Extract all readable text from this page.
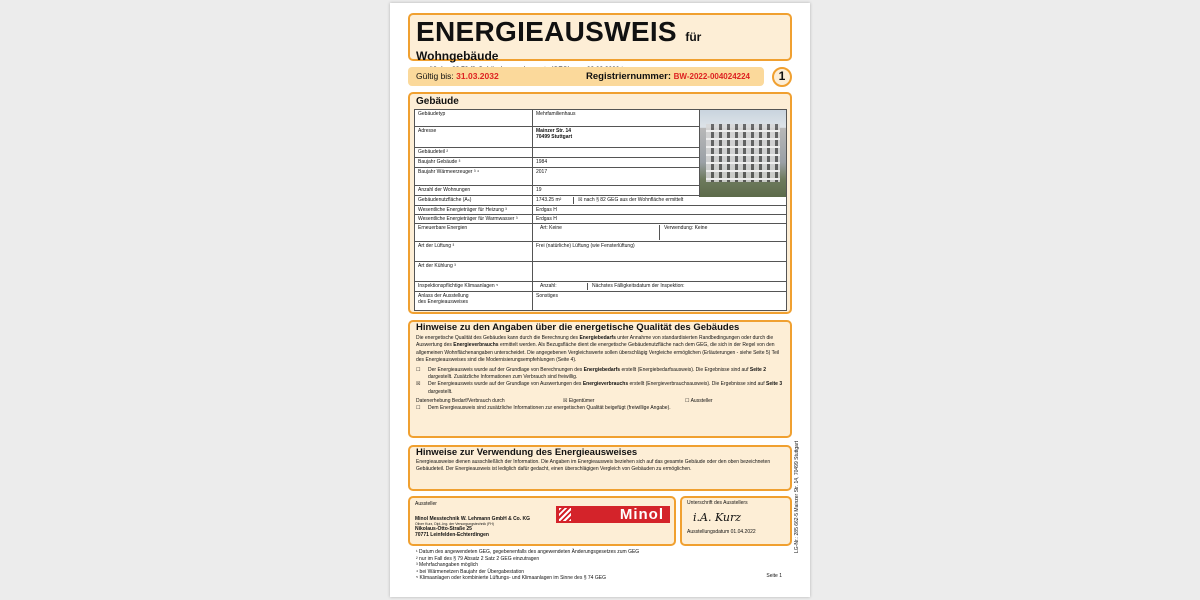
ENERGIEAUSWEIS für Wohngebäude
Gültig bis: 31.03.2032	Registriernummer: BW-2022-004024224	1
Gebäude
Gebäudetyp	Mehrfamilienhaus
Adresse	Mainzer Str. 14
70499 Stuttgart
Gebäudeteil ²
Baujahr Gebäude ³	1984
Baujahr Wärmeerzeuger ³ ⁴	2017
Anzahl der Wohnungen	19
Gebäudenutzfläche (Aₙ)	1743.25 m²	☒ nach § 82 GEG aus der Wohnfläche ermittelt
Wesentliche Energieträger für Heizung ³	Erdgas H
Wesentliche Energieträger für Warmwasser ³	Erdgas H
Erneuerbare Energien	Art: Keine	Verwendung: Keine
Art der Lüftung ³	Frei (natürliche) Lüftung (wie Fensterlüftung)
Art der Kühlung ³
Inspektionspflichtige Klimaanlagen ⁵	Anzahl:	Nächstes Fälligkeitsdatum der Inspektion:
Anlass der Ausstellung
des Energieausweises
Sonstiges
Hinweise zu den Angaben über die energetische Qualität des Gebäudes

Die energetische Qualität des Gebäudes kann durch die Berechnung des Energiebedarfs unter Annahme von standardisierten Randbedingungen oder durch die Auswertung des Energieverbrauchs ermittelt werden. Als Bezugsfläche dient die energetische Gebäudenutzfläche nach dem GEG, die sich in der Regel von den allgemeinen Wohnflächenangaben unterscheidet. Die angegebenen Vergleichswerte sollen überschlägig Vergleiche ermöglichen (Erläuterungen - siehe Seite 5) Teil des Energieausweises sind die Modernisierungsempfehlungen (Seite 4).

☐	Der Energieausweis wurde auf der Grundlage von Berechnungen des Energiebedarfs erstellt (Energiebedarfsausweis). Die Ergebnisse sind auf Seite 2 dargestellt. Zusätzliche Informationen zum Verbrauch sind freiwillig.
☒	Der Energieausweis wurde auf der Grundlage von Auswertungen des Energieverbrauchs erstellt (Energieverbrauchsausweis). Die Ergebnisse sind auf Seite 3 dargestellt.
Datenerhebung Bedarf/Verbrauch durch	☒ Eigentümer	☐ Aussteller
☐	Dem Energieausweis sind zusätzliche Informationen zur energetischen Qualität beigefügt (freiwillige Angabe).
Hinweise zur Verwendung des Energieausweises

Energieausweise dienen ausschließlich der Information. Die Angaben im Energieausweis beziehen sich auf das gesamte Gebäude oder den oben bezeichneten Gebäudeteil. Der Energieausweis ist lediglich dafür gedacht, einen überschlägigen Vergleich von Gebäuden zu ermöglichen.

Aussteller
Minol Messtechnik W. Lehmann GmbH & Co. KG
Oliver Kurz, Dipl.-Ing. der Versorgungstechnik (FH)
Nikolaus-Otto-Straße 25
70771 Leinfelden-Echterdingen
Minol
Unterschrift des Ausstellers
i.A. Kurz
Ausstellungsdatum 01.04.2022
¹ Datum des angewendeten GEG, gegebenenfalls des angewendeten Änderungsgesetzes zum GEG
² nur im Fall des § 79 Absatz 2 Satz 2 GEG einzutragen
³ Mehrfachangaben möglich
⁴ bei Wärmenetzen Baujahr der Übergabestation
⁵ Klimaanlagen oder kombinierte Lüftungs- und Klimaanlagen im Sinne des § 74 GEG	Seite 1
LG-Nr.: 285 662-5 Mainzer Str. 14, 70499 Stuttgart
